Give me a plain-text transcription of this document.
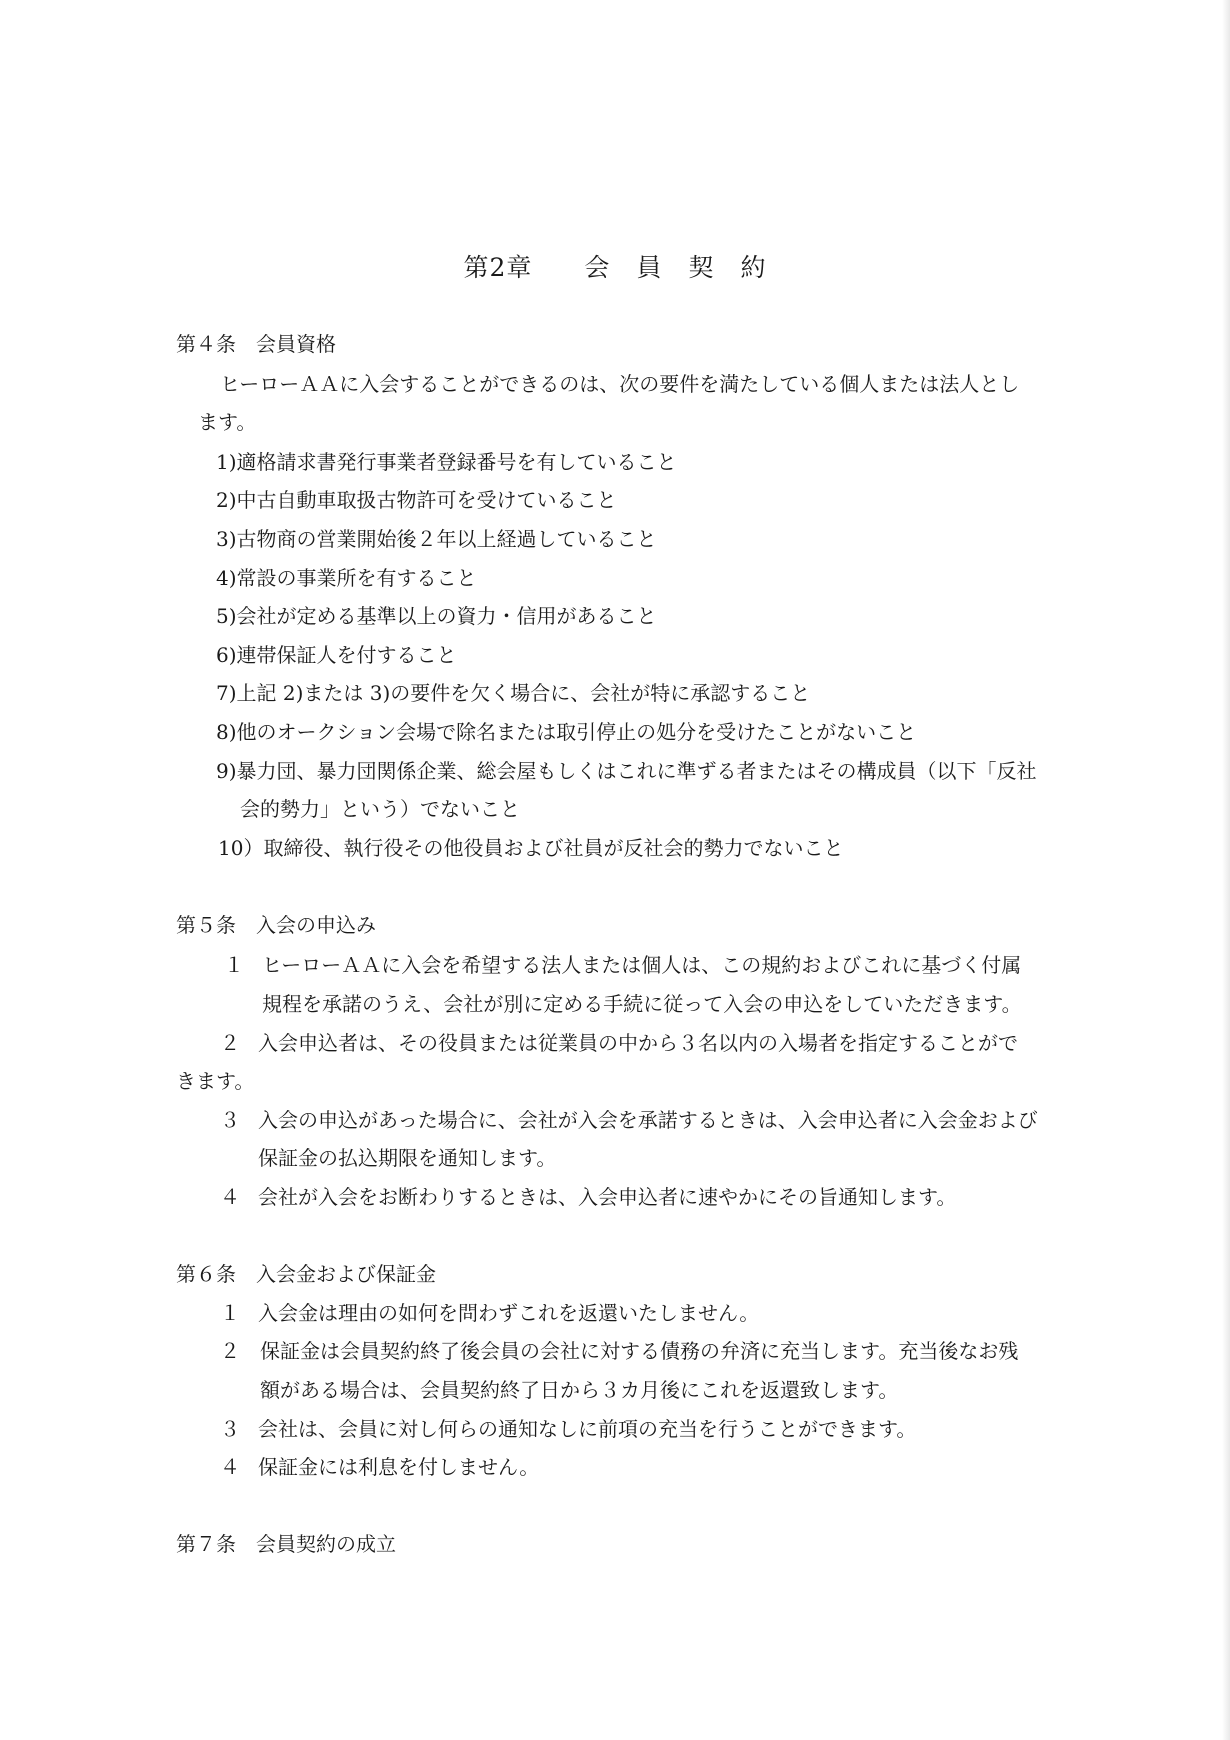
第2章　　会　員　契　約
第４条　会員資格
ヒーローＡＡに入会することができるのは、次の要件を満たしている個人または法人とし
ます。
1)適格請求書発行事業者登録番号を有していること
2)中古自動車取扱古物許可を受けていること
3)古物商の営業開始後２年以上経過していること
4)常設の事業所を有すること
5)会社が定める基準以上の資力・信用があること
6)連帯保証人を付すること
7)上記 2)または 3)の要件を欠く場合に、会社が特に承認すること
8)他のオークション会場で除名または取引停止の処分を受けたことがないこと
9)暴力団、暴力団関係企業、総会屋もしくはこれに準ずる者またはその構成員（以下「反社
会的勢力」という）でないこと
10）取締役、執行役その他役員および社員が反社会的勢力でないこと
第５条　入会の申込み
１ ヒーローＡＡに入会を希望する法人または個人は、この規約およびこれに基づく付属
規程を承諾のうえ、会社が別に定める手続に従って入会の申込をしていただきます。
２ 入会申込者は、その役員または従業員の中から３名以内の入場者を指定することがで
きます。
３ 入会の申込があった場合に、会社が入会を承諾するときは、入会申込者に入会金および
保証金の払込期限を通知します。
４ 会社が入会をお断わりするときは、入会申込者に速やかにその旨通知します。
第６条　入会金および保証金
１ 入会金は理由の如何を問わずこれを返還いたしません。
２ 保証金は会員契約終了後会員の会社に対する債務の弁済に充当します。充当後なお残
額がある場合は、会員契約終了日から３カ月後にこれを返還致します。
３ 会社は、会員に対し何らの通知なしに前項の充当を行うことができます。
４ 保証金には利息を付しません。
第７条　会員契約の成立
